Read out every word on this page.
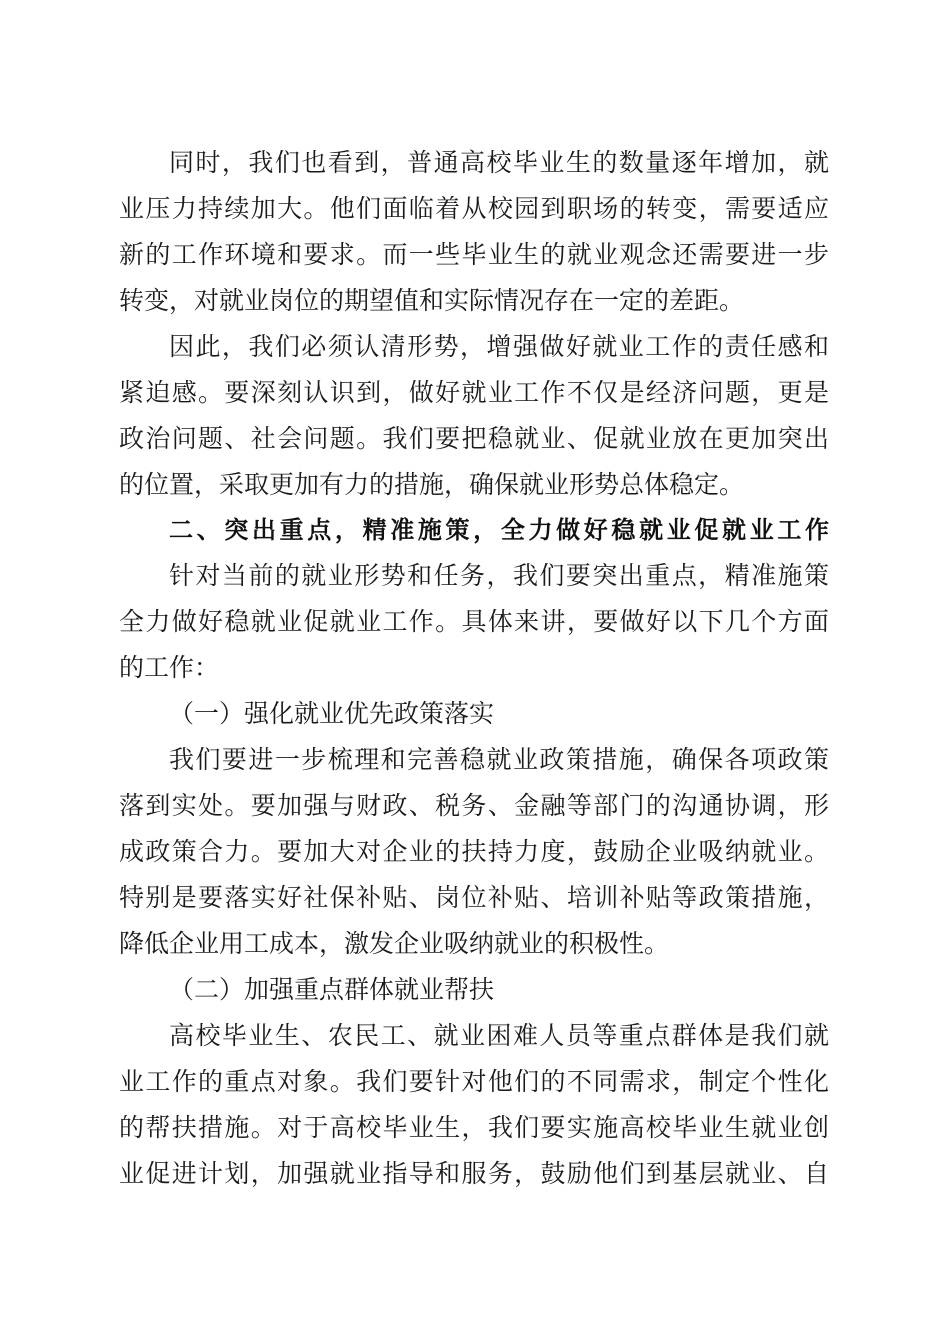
同时，我们也看到，普通高校毕业生的数量逐年增加，就
业压力持续加大。他们面临着从校园到职场的转变，需要适应
新的工作环境和要求。而一些毕业生的就业观念还需要进一步
转变，对就业岗位的期望值和实际情况存在一定的差距。
因此，我们必须认清形势，增强做好就业工作的责任感和
紧迫感。要深刻认识到，做好就业工作不仅是经济问题，更是
政治问题、社会问题。我们要把稳就业、促就业放在更加突出
的位置，采取更加有力的措施，确保就业形势总体稳定。
二、突出重点，精准施策，全力做好稳就业促就业工作
针对当前的就业形势和任务，我们要突出重点，精准施策
全力做好稳就业促就业工作。具体来讲，要做好以下几个方面
的工作：
（一）强化就业优先政策落实
我们要进一步梳理和完善稳就业政策措施，确保各项政策
落到实处。要加强与财政、税务、金融等部门的沟通协调，形
成政策合力。要加大对企业的扶持力度，鼓励企业吸纳就业。
特别是要落实好社保补贴、岗位补贴、培训补贴等政策措施，
降低企业用工成本，激发企业吸纳就业的积极性。
（二）加强重点群体就业帮扶
高校毕业生、农民工、就业困难人员等重点群体是我们就
业工作的重点对象。我们要针对他们的不同需求，制定个性化
的帮扶措施。对于高校毕业生，我们要实施高校毕业生就业创
业促进计划，加强就业指导和服务，鼓励他们到基层就业、自
